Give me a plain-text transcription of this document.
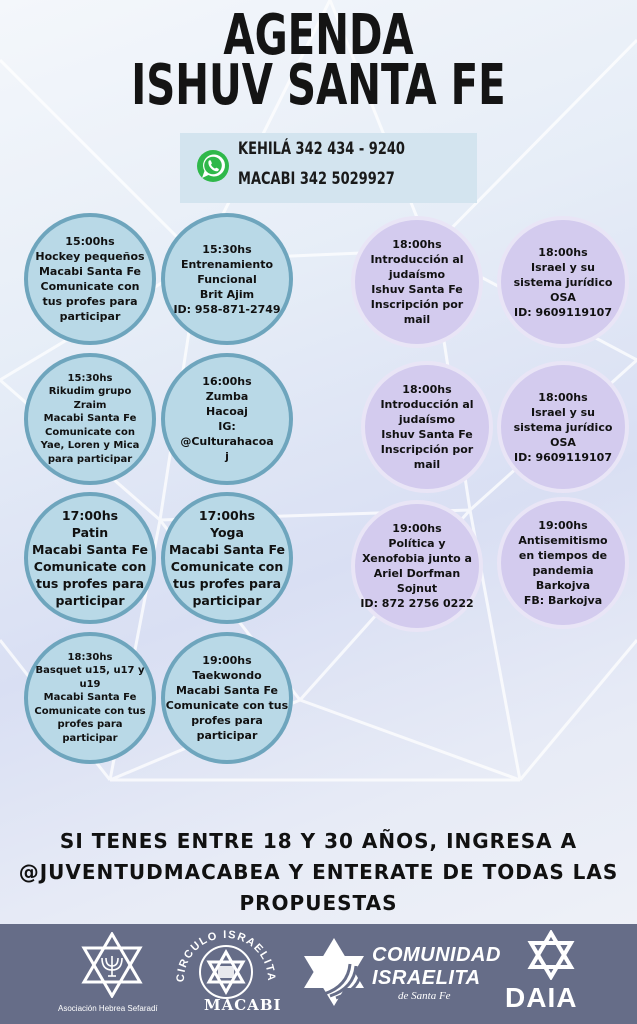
AGENDA
ISHUV SANTA FE
KEHILÁ 342 434 - 9240
MACABI 342 5029927
15:00hs
Hockey pequeños
Macabi Santa Fe
Comunicate con
tus profes para
participar
15:30hs
Entrenamiento
Funcional
Brit Ajim
ID: 958-871-2749
15:30hs
Rikudim grupo
Zraim
Macabi Santa Fe
Comunicate con
Yae, Loren y Mica
para participar
16:00hs
Zumba
Hacoaj
IG:
@Culturahacoa
j
17:00hs
Patin
Macabi Santa Fe
Comunicate con
tus profes para
participar
17:00hs
Yoga
Macabi Santa Fe
Comunicate con
tus profes para
participar
18:30hs
Basquet u15, u17 y
u19
Macabi Santa Fe
Comunicate con tus
profes para
participar
19:00hs
Taekwondo
Macabi Santa Fe
Comunicate con tus
profes para
participar
18:00hs
Introducción al
judaísmo
Ishuv Santa Fe
Inscripción por
mail
18:00hs
Israel y su
sistema jurídico
OSA
ID: 9609119107
18:00hs
Introducción al
judaísmo
Ishuv Santa Fe
Inscripción por
mail
18:00hs
Israel y su
sistema jurídico
OSA
ID: 9609119107
19:00hs
Política y
Xenofobia junto a
Ariel Dorfman
Sojnut
ID: 872 2756 0222
19:00hs
Antisemitismo
en tiempos de
pandemia
Barkojva
FB: Barkojva
SI TENES ENTRE 18 Y 30 AÑOS, INGRESA A
@JUVENTUDMACABEA Y ENTERATE DE TODAS LAS
PROPUESTAS
Asociación Hebrea Sefaradí
CIRCULO ISRAELITA
MACABI
COMUNIDAD
ISRAELITA
de Santa Fe DAIA
